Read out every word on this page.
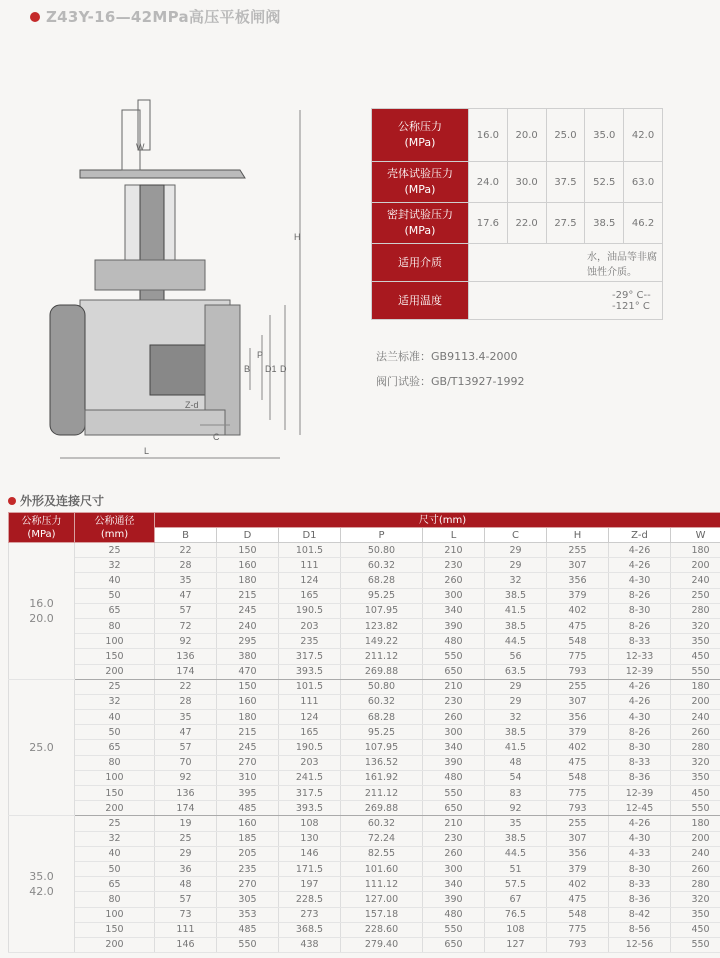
Z43Y-16—42MPa高压平板闸阀
W
H
L
C
B
P
D1 D
Z-d
公称压力
(MPa)	16.0	20.0	25.0	35.0	42.0
壳体试验压力
(MPa)	24.0	30.0	37.5	52.5	63.0
密封试验压力
(MPa)	17.6	22.0	27.5	38.5	46.2
适用介质	水，油品等非腐蚀性介质。				
适用温度	-29° C---121° C				
法兰标准：GB9113.4-2000
阀门试验：GB/T13927-1992
外形及连接尺寸
公称压力
(MPa)	公称通径
(mm)	尺寸(mm)								
		B	D	D1	P	L	C	H	Z-d	W
16.0
20.0	25	22	150	101.5	50.80	210	29	255	4-26	180
	32	28	160	111	60.32	230	29	307	4-26	200
	40	35	180	124	68.28	260	32	356	4-30	240
	50	47	215	165	95.25	300	38.5	379	8-26	250
	65	57	245	190.5	107.95	340	41.5	402	8-30	280
	80	72	240	203	123.82	390	38.5	475	8-26	320
	100	92	295	235	149.22	480	44.5	548	8-33	350
	150	136	380	317.5	211.12	550	56	775	12-33	450
	200	174	470	393.5	269.88	650	63.5	793	12-39	550
25.0	25	22	150	101.5	50.80	210	29	255	4-26	180
	32	28	160	111	60.32	230	29	307	4-26	200
	40	35	180	124	68.28	260	32	356	4-30	240
	50	47	215	165	95.25	300	38.5	379	8-26	260
	65	57	245	190.5	107.95	340	41.5	402	8-30	280
	80	70	270	203	136.52	390	48	475	8-33	320
	100	92	310	241.5	161.92	480	54	548	8-36	350
	150	136	395	317.5	211.12	550	83	775	12-39	450
	200	174	485	393.5	269.88	650	92	793	12-45	550
35.0
42.0	25	19	160	108	60.32	210	35	255	4-26	180
	32	25	185	130	72.24	230	38.5	307	4-30	200
	40	29	205	146	82.55	260	44.5	356	4-33	240
	50	36	235	171.5	101.60	300	51	379	8-30	260
	65	48	270	197	111.12	340	57.5	402	8-33	280
	80	57	305	228.5	127.00	390	67	475	8-36	320
	100	73	353	273	157.18	480	76.5	548	8-42	350
	150	111	485	368.5	228.60	550	108	775	8-56	450
	200	146	550	438	279.40	650	127	793	12-56	550
